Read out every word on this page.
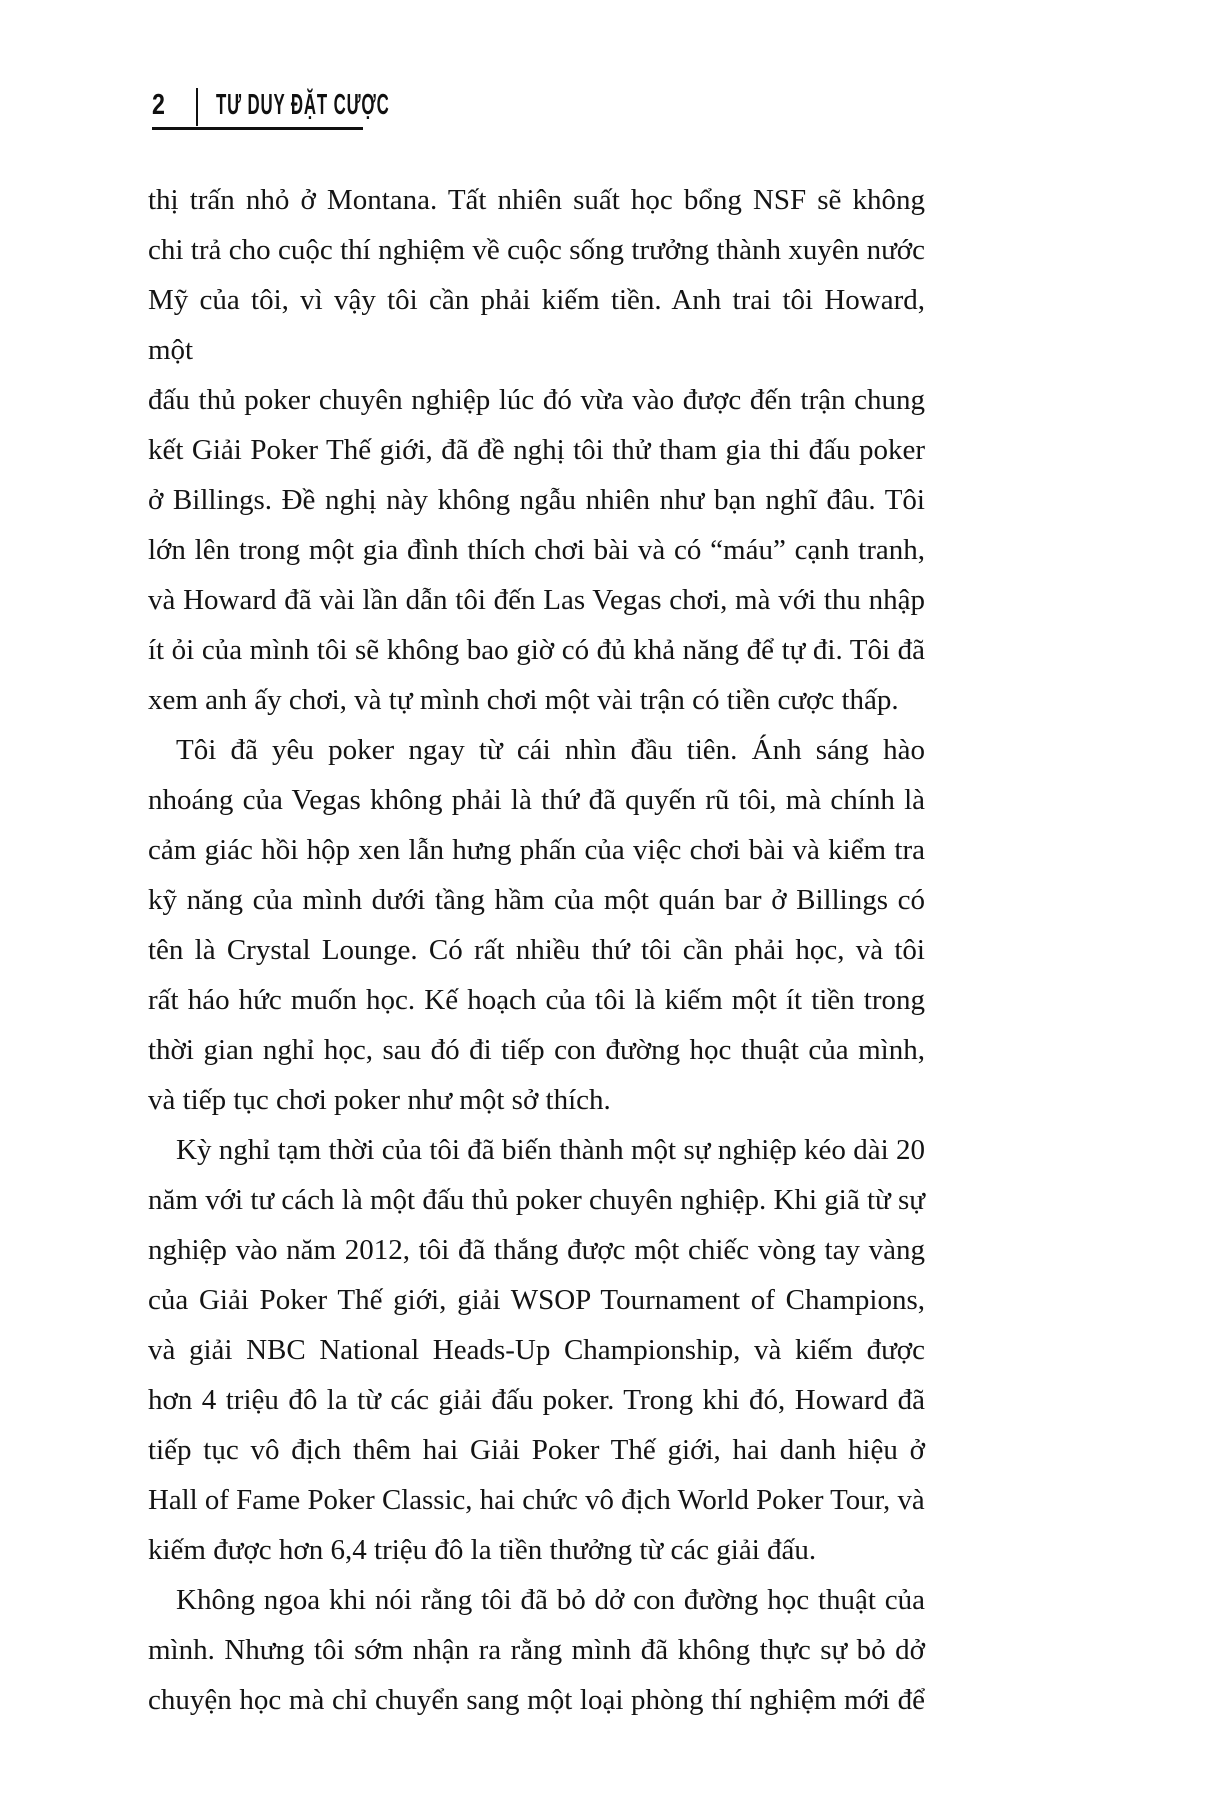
2 TƯ DUY ĐẶT CƯỢC
thị trấn nhỏ ở Montana. Tất nhiên suất học bổng NSF sẽ không
chi trả cho cuộc thí nghiệm về cuộc sống trưởng thành xuyên nước
Mỹ của tôi, vì vậy tôi cần phải kiếm tiền. Anh trai tôi Howard, một
đấu thủ poker chuyên nghiệp lúc đó vừa vào được đến trận chung
kết Giải Poker Thế giới, đã đề nghị tôi thử tham gia thi đấu poker
ở Billings. Đề nghị này không ngẫu nhiên như bạn nghĩ đâu. Tôi
lớn lên trong một gia đình thích chơi bài và có “máu” cạnh tranh,
và Howard đã vài lần dẫn tôi đến Las Vegas chơi, mà với thu nhập
ít ỏi của mình tôi sẽ không bao giờ có đủ khả năng để tự đi. Tôi đã
xem anh ấy chơi, và tự mình chơi một vài trận có tiền cược thấp.
Tôi đã yêu poker ngay từ cái nhìn đầu tiên. Ánh sáng hào
nhoáng của Vegas không phải là thứ đã quyến rũ tôi, mà chính là
cảm giác hồi hộp xen lẫn hưng phấn của việc chơi bài và kiểm tra
kỹ năng của mình dưới tầng hầm của một quán bar ở Billings có
tên là Crystal Lounge. Có rất nhiều thứ tôi cần phải học, và tôi
rất háo hức muốn học. Kế hoạch của tôi là kiếm một ít tiền trong
thời gian nghỉ học, sau đó đi tiếp con đường học thuật của mình,
và tiếp tục chơi poker như một sở thích.
Kỳ nghỉ tạm thời của tôi đã biến thành một sự nghiệp kéo dài 20
năm với tư cách là một đấu thủ poker chuyên nghiệp. Khi giã từ sự
nghiệp vào năm 2012, tôi đã thắng được một chiếc vòng tay vàng
của Giải Poker Thế giới, giải WSOP Tournament of Champions,
và giải NBC National Heads-Up Championship, và kiếm được
hơn 4 triệu đô la từ các giải đấu poker. Trong khi đó, Howard đã
tiếp tục vô địch thêm hai Giải Poker Thế giới, hai danh hiệu ở
Hall of Fame Poker Classic, hai chức vô địch World Poker Tour, và
kiếm được hơn 6,4 triệu đô la tiền thưởng từ các giải đấu.
Không ngoa khi nói rằng tôi đã bỏ dở con đường học thuật của
mình. Nhưng tôi sớm nhận ra rằng mình đã không thực sự bỏ dở
chuyện học mà chỉ chuyển sang một loại phòng thí nghiệm mới để
